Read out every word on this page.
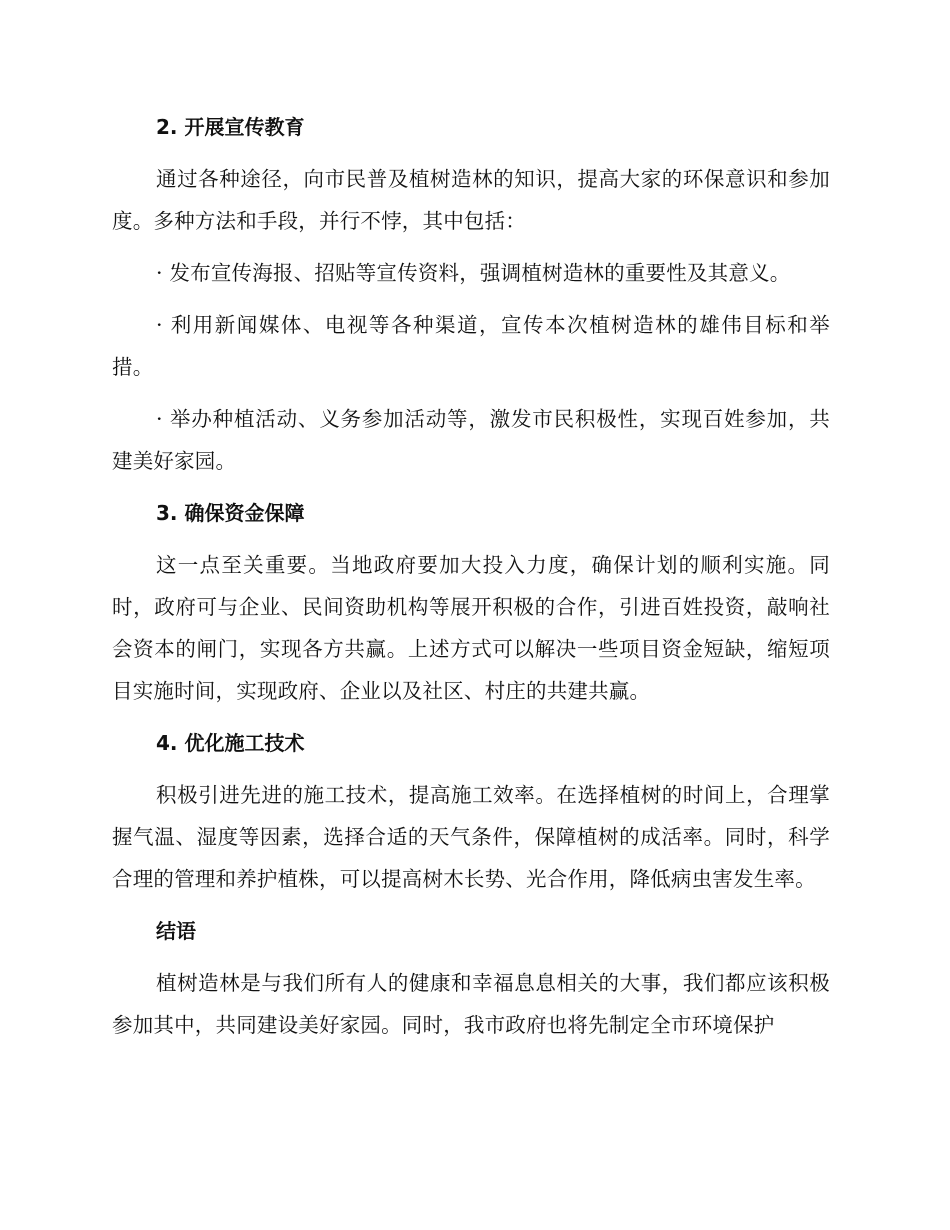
2. 开展宣传教育

通过各种途径，向市民普及植树造林的知识，提高大家的环保意识和参加度。多种方法和手段，并行不悖，其中包括：

· 发布宣传海报、招贴等宣传资料，强调植树造林的重要性及其意义。

· 利用新闻媒体、电视等各种渠道，宣传本次植树造林的雄伟目标和举措。

· 举办种植活动、义务参加活动等，激发市民积极性，实现百姓参加，共建美好家园。

3. 确保资金保障

这一点至关重要。当地政府要加大投入力度，确保计划的顺利实施。同时，政府可与企业、民间资助机构等展开积极的合作，引进百姓投资，敲响社会资本的闸门，实现各方共赢。上述方式可以解决一些项目资金短缺，缩短项目实施时间，实现政府、企业以及社区、村庄的共建共赢。

4. 优化施工技术

积极引进先进的施工技术，提高施工效率。在选择植树的时间上，合理掌握气温、湿度等因素，选择合适的天气条件，保障植树的成活率。同时，科学合理的管理和养护植株，可以提高树木长势、光合作用，降低病虫害发生率。

结语

植树造林是与我们所有人的健康和幸福息息相关的大事，我们都应该积极参加其中，共同建设美好家园。同时，我市政府也将先制定全市环境保护
